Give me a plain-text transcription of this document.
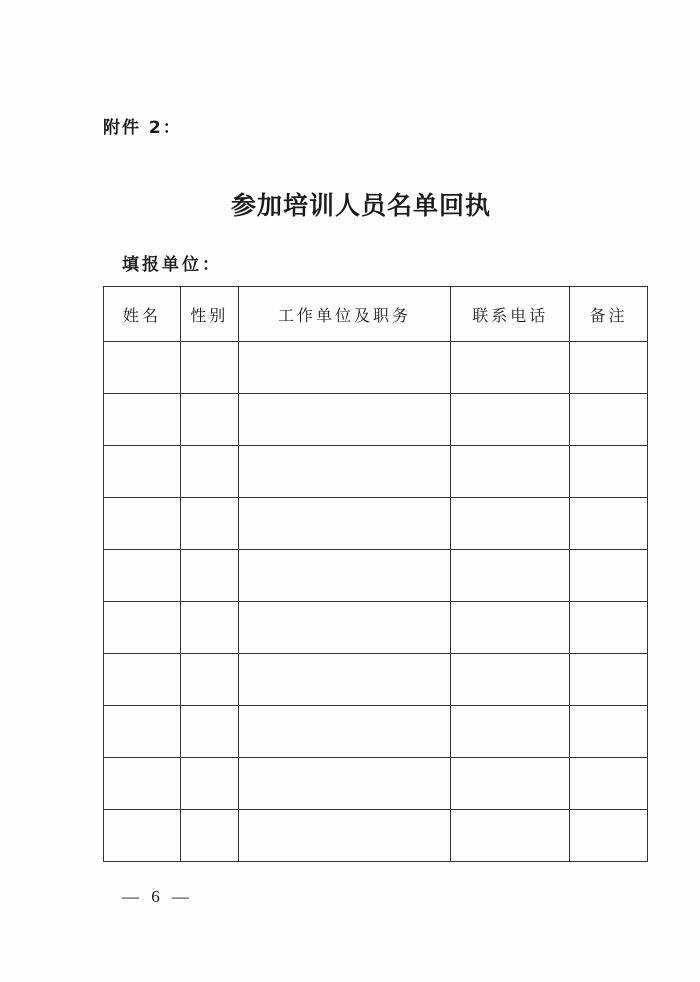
附件 2：
参加培训人员名单回执
填报单位：
姓名	性别	工作单位及职务	联系电话	备注

— 6 —
